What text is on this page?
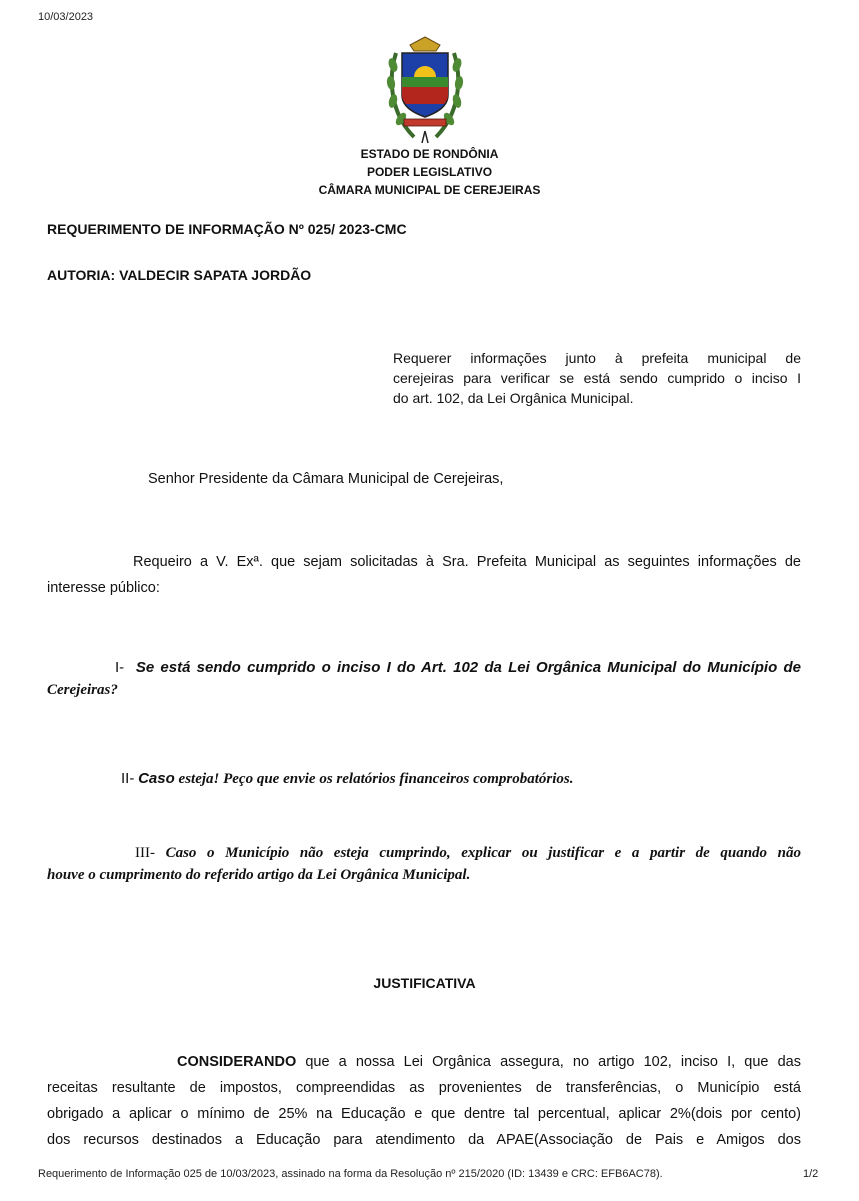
10/03/2023
ESTADO DE RONDÔNIA
PODER LEGISLATIVO
CÂMARA MUNICIPAL DE CEREJEIRAS
REQUERIMENTO DE INFORMAÇÃO Nº 025/ 2023-CMC
AUTORIA: VALDECIR SAPATA JORDÃO
Requerer informações junto à prefeita municipal de
cerejeiras para verificar se está sendo cumprido o inciso I
do art. 102, da Lei Orgânica Municipal.
Senhor Presidente da Câmara Municipal de Cerejeiras,
Requeiro a V. Exª. que sejam solicitadas à Sra. Prefeita Municipal as seguintes informações de
interesse público:
I- Se está sendo cumprido o inciso I do Art. 102 da Lei Orgânica Municipal do Município de
Cerejeiras?
II- Caso esteja! Peço que envie os relatórios financeiros comprobatórios.
III- Caso o Município não esteja cumprindo, explicar ou justificar e a partir de quando não
houve o cumprimento do referido artigo da Lei Orgânica Municipal.
JUSTIFICATIVA
CONSIDERANDO que a nossa Lei Orgânica assegura, no artigo 102, inciso I, que das
receitas resultante de impostos, compreendidas as provenientes de transferências, o Município está
obrigado a aplicar o mínimo de 25% na Educação e que dentre tal percentual, aplicar 2%(dois por cento)
dos recursos destinados a Educação para atendimento da APAE(Associação de Pais e Amigos dos
Requerimento de Informação 025 de 10/03/2023, assinado na forma da Resolução nº 215/2020 (ID: 13439 e CRC: EFB6AC78).	1/2
